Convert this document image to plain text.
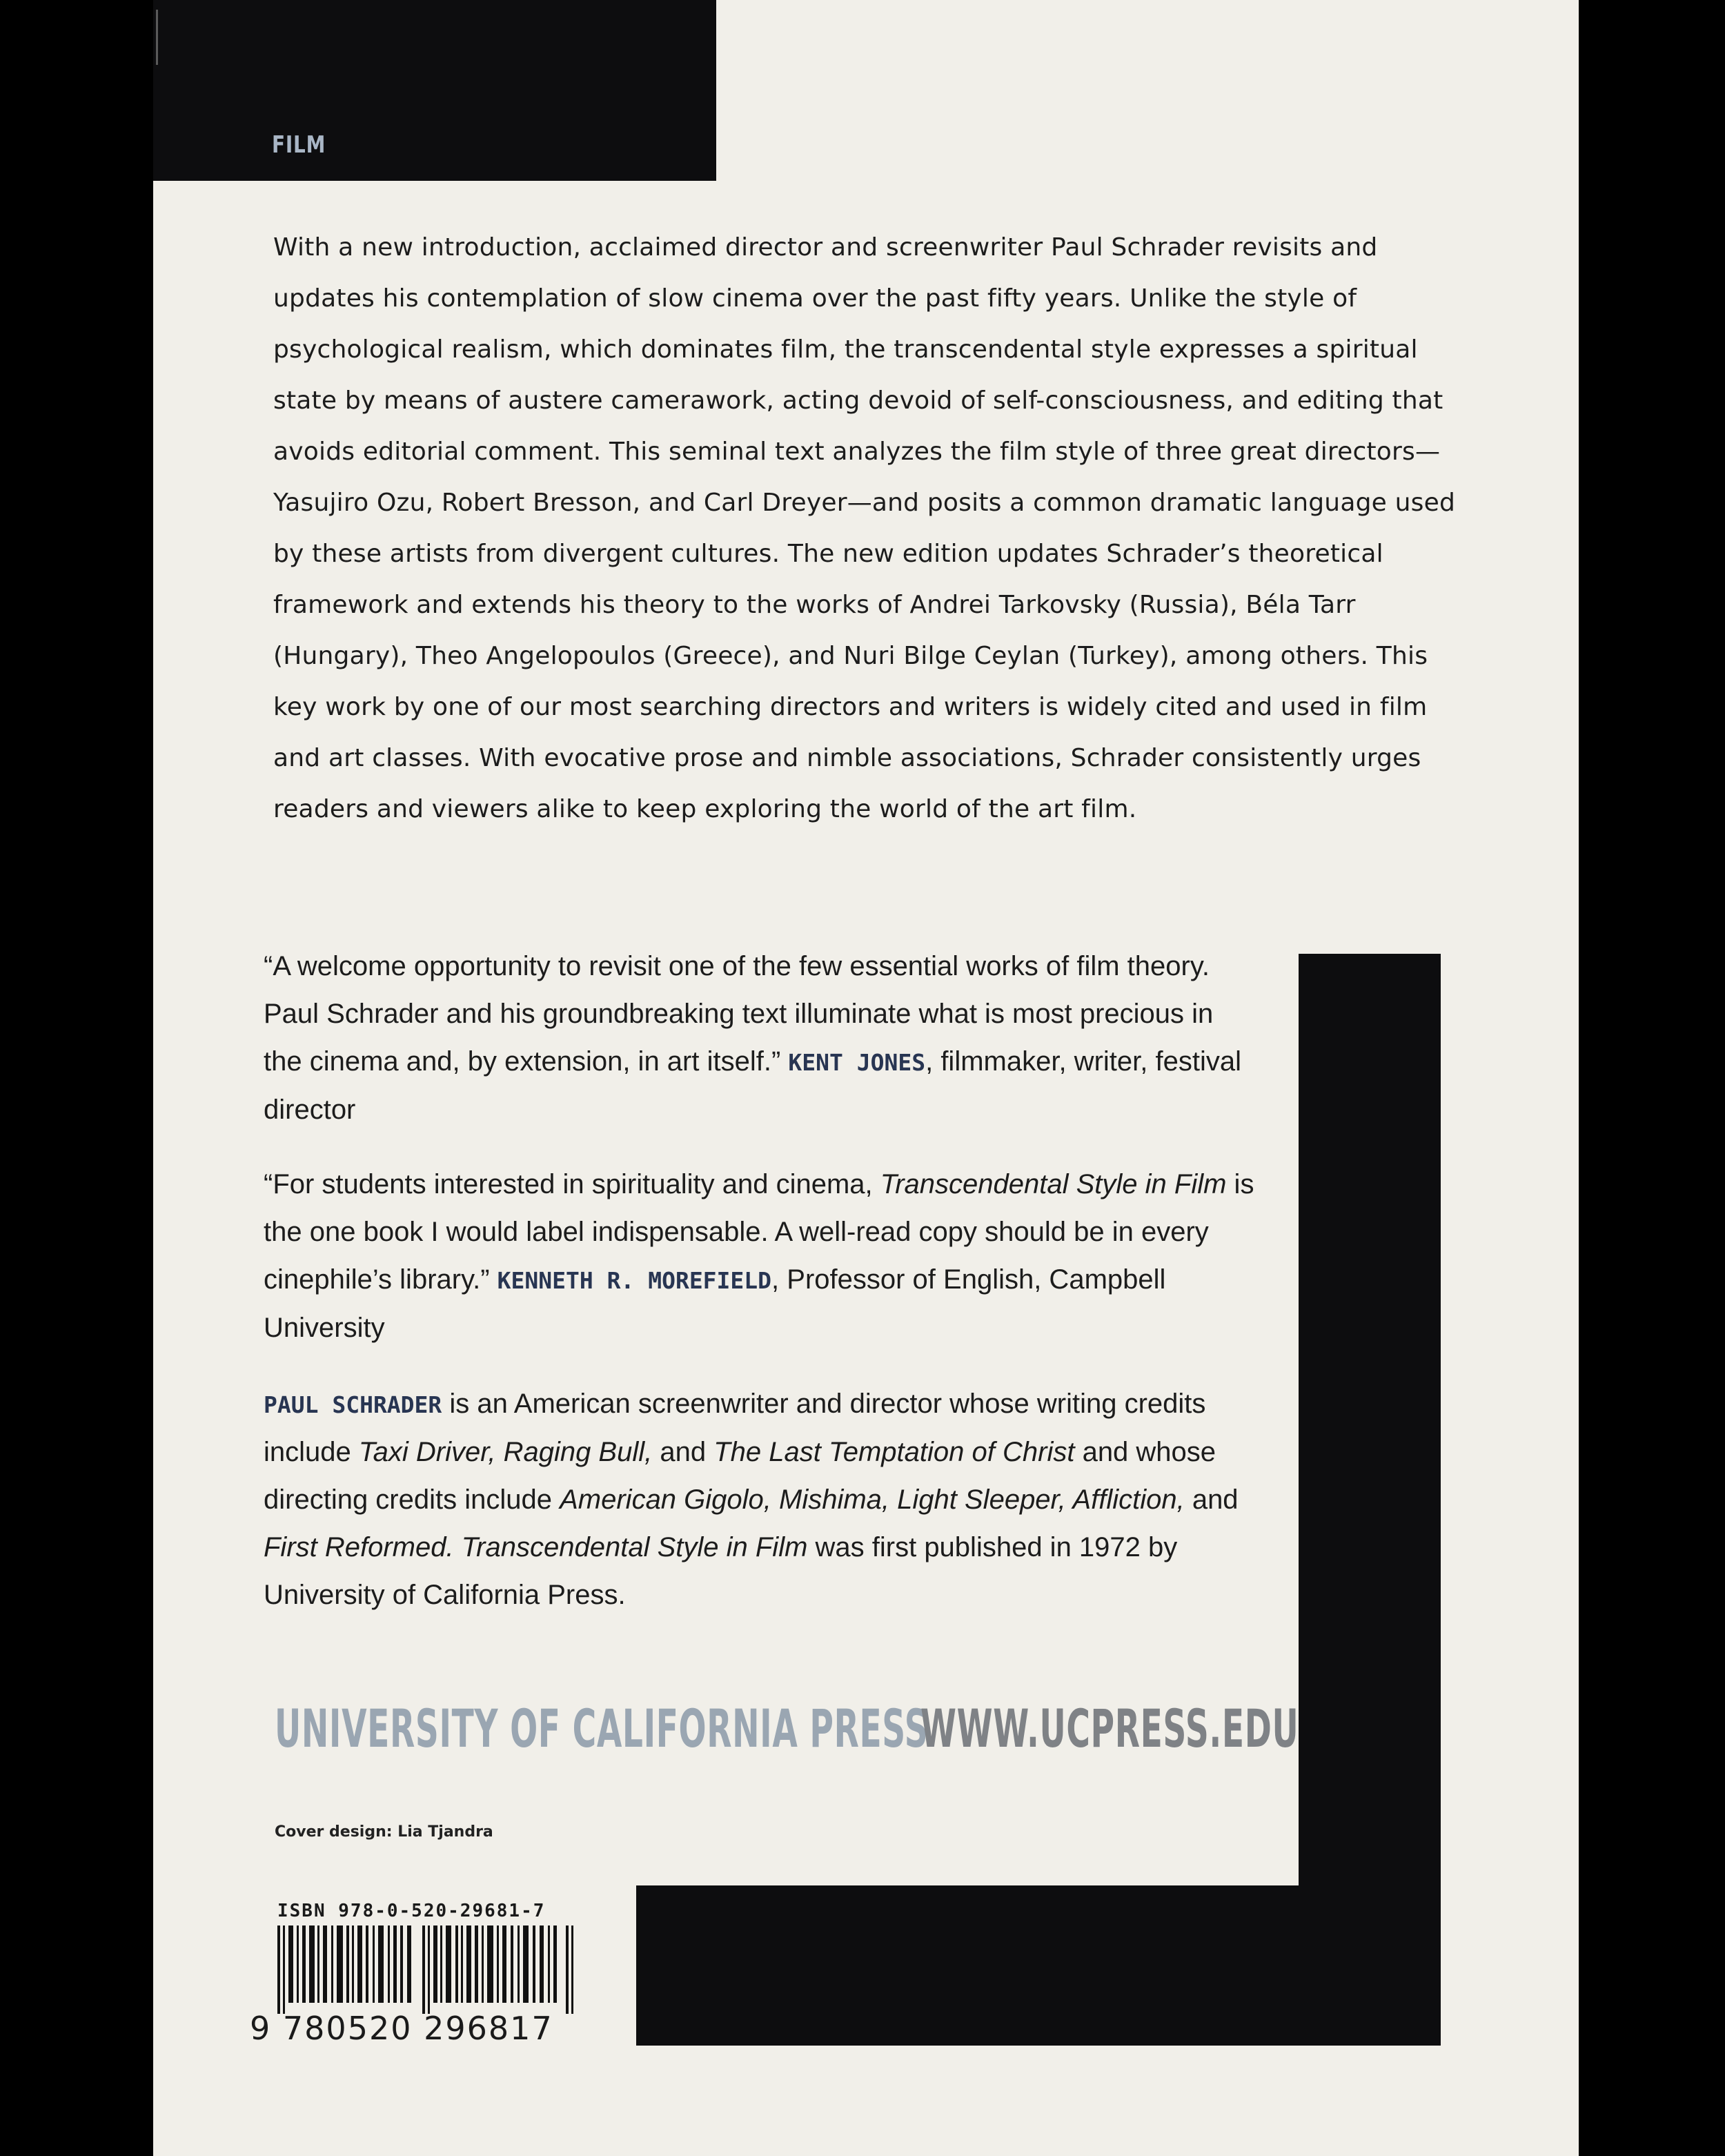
FILM

With a new introduction, acclaimed director and screenwriter Paul Schrader revisits and updates his contemplation of slow cinema over the past fifty years. Unlike the style of psychological realism, which dominates film, the transcendental style expresses a spiritual state by means of austere camerawork, acting devoid of self-consciousness, and editing that avoids editorial comment. This seminal text analyzes the film style of three great directors—Yasujiro Ozu, Robert Bresson, and Carl Dreyer—and posits a common dramatic language used by these artists from divergent cultures. The new edition updates Schrader’s theoretical framework and extends his theory to the works of Andrei Tarkovsky (Russia), Béla Tarr (Hungary), Theo Angelopoulos (Greece), and Nuri Bilge Ceylan (Turkey), among others. This key work by one of our most searching directors and writers is widely cited and used in film and art classes. With evocative prose and nimble associations, Schrader consistently urges readers and viewers alike to keep exploring the world of the art film.

“A welcome opportunity to revisit one of the few essential works of film theory. Paul Schrader and his groundbreaking text illuminate what is most precious in the cinema and, by extension, in art itself.” KENT JONES, filmmaker, writer, festival director

“For students interested in spirituality and cinema, Transcendental Style in Film is the one book I would label indispensable. A well-read copy should be in every cinephile’s library.” KENNETH R. MOREFIELD, Professor of English, Campbell University

PAUL SCHRADER is an American screenwriter and director whose writing credits include Taxi Driver, Raging Bull, and The Last Temptation of Christ and whose directing credits include American Gigolo, Mishima, Light Sleeper, Affliction, and First Reformed. Transcendental Style in Film was first published in 1972 by University of California Press.

UNIVERSITY OF CALIFORNIA PRESS
WWW.UCPRESS.EDU
Cover design: Lia Tjandra
ISBN 978-0-520-29681-7
9 780520 296817
